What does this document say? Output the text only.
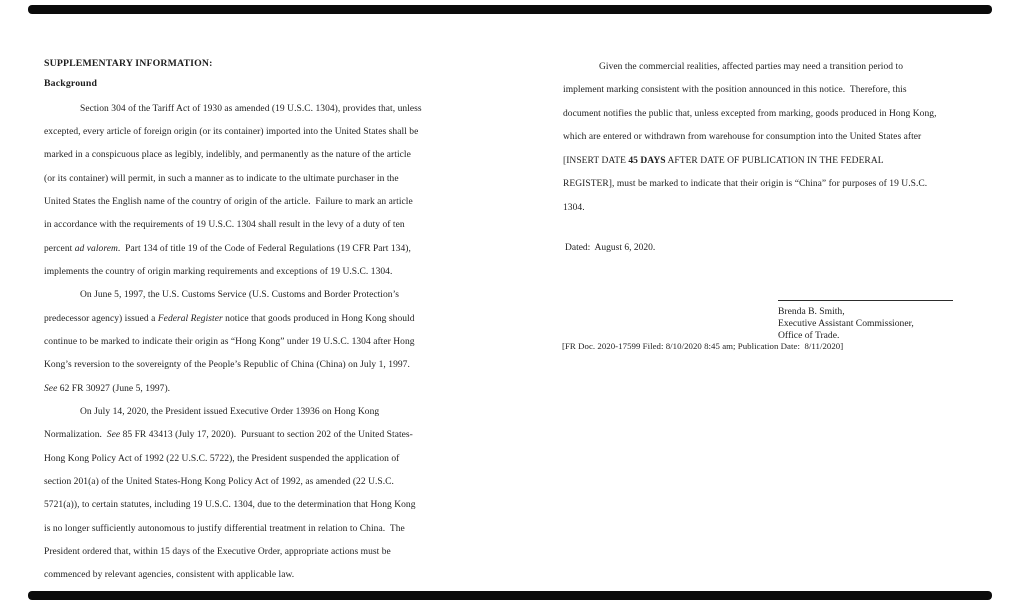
SUPPLEMENTARY INFORMATION:
Background
Section 304 of the Tariff Act of 1930 as amended (19 U.S.C. 1304), provides that, unless
excepted, every article of foreign origin (or its container) imported into the United States shall be
marked in a conspicuous place as legibly, indelibly, and permanently as the nature of the article
(or its container) will permit, in such a manner as to indicate to the ultimate purchaser in the
United States the English name of the country of origin of the article.  Failure to mark an article
in accordance with the requirements of 19 U.S.C. 1304 shall result in the levy of a duty of ten
percent ad valorem.  Part 134 of title 19 of the Code of Federal Regulations (19 CFR Part 134),
implements the country of origin marking requirements and exceptions of 19 U.S.C. 1304.
On June 5, 1997, the U.S. Customs Service (U.S. Customs and Border Protection’s
predecessor agency) issued a Federal Register notice that goods produced in Hong Kong should
continue to be marked to indicate their origin as “Hong Kong” under 19 U.S.C. 1304 after Hong
Kong’s reversion to the sovereignty of the People’s Republic of China (China) on July 1, 1997.
See 62 FR 30927 (June 5, 1997).
On July 14, 2020, the President issued Executive Order 13936 on Hong Kong
Normalization.  See 85 FR 43413 (July 17, 2020).  Pursuant to section 202 of the United States-
Hong Kong Policy Act of 1992 (22 U.S.C. 5722), the President suspended the application of
section 201(a) of the United States-Hong Kong Policy Act of 1992, as amended (22 U.S.C.
5721(a)), to certain statutes, including 19 U.S.C. 1304, due to the determination that Hong Kong
is no longer sufficiently autonomous to justify differential treatment in relation to China.  The
President ordered that, within 15 days of the Executive Order, appropriate actions must be
commenced by relevant agencies, consistent with applicable law.
Given the commercial realities, affected parties may need a transition period to
implement marking consistent with the position announced in this notice.  Therefore, this
document notifies the public that, unless excepted from marking, goods produced in Hong Kong,
which are entered or withdrawn from warehouse for consumption into the United States after
[INSERT DATE 45 DAYS AFTER DATE OF PUBLICATION IN THE FEDERAL
REGISTER], must be marked to indicate that their origin is “China” for purposes of 19 U.S.C.
1304.
Dated:  August 6, 2020.
Brenda B. Smith,
Executive Assistant Commissioner,
Office of Trade.
[FR Doc. 2020-17599 Filed: 8/10/2020 8:45 am; Publication Date:  8/11/2020]
